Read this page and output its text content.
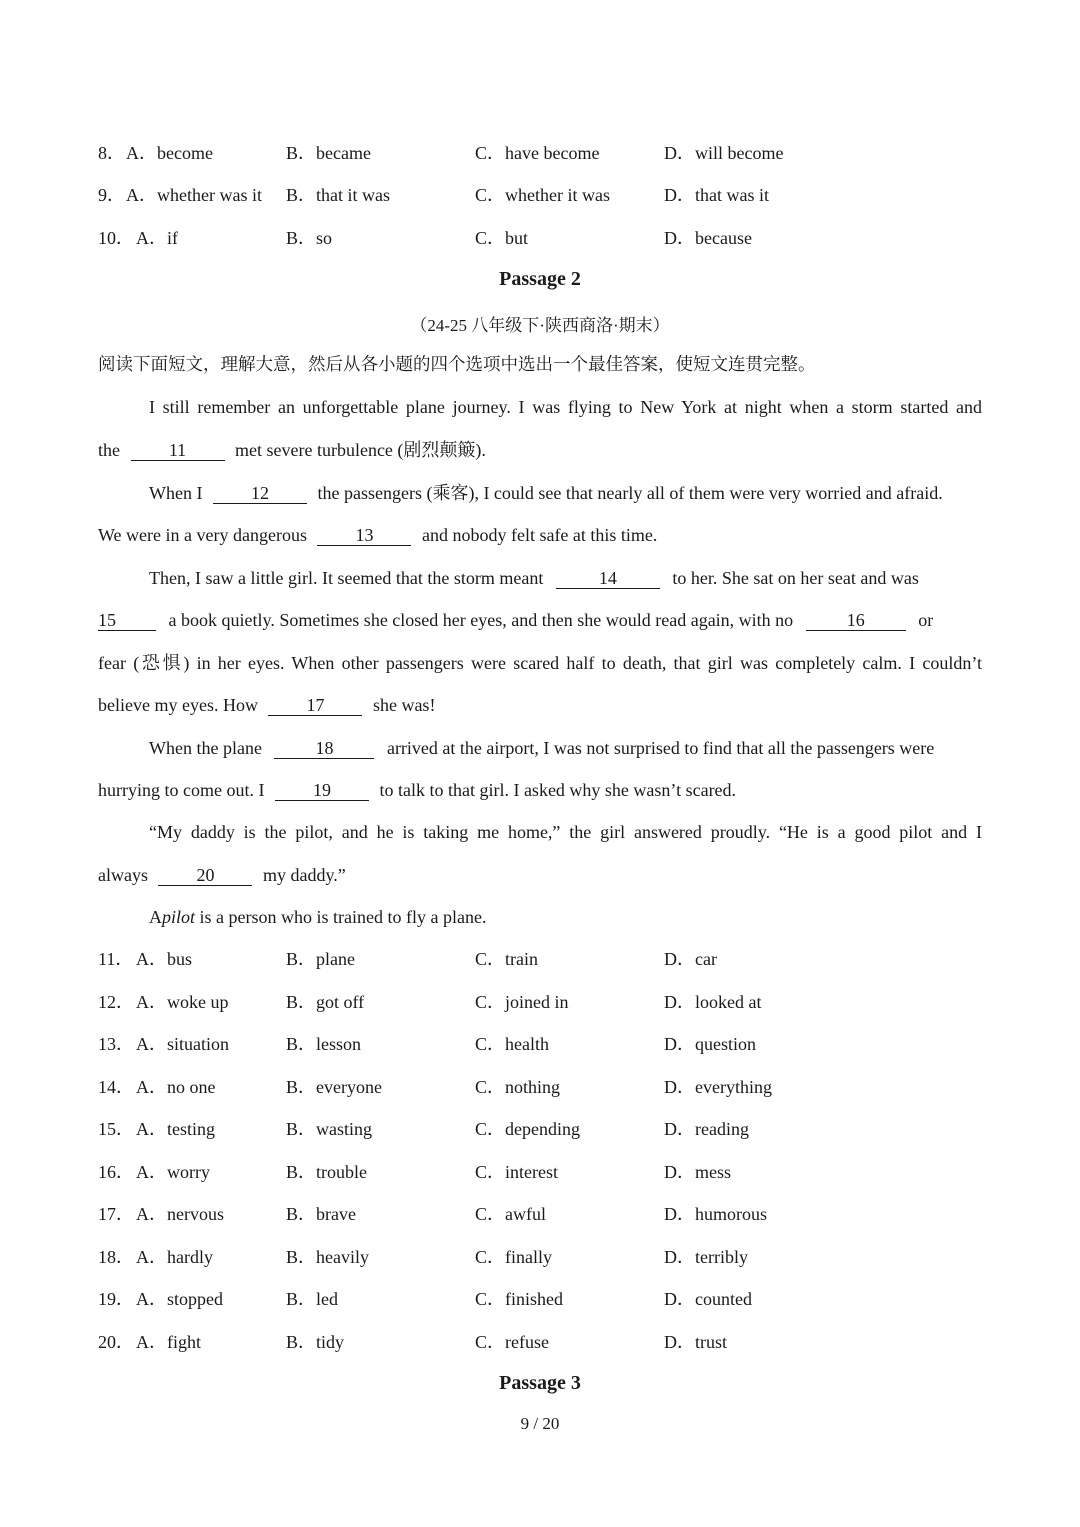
8． A．become	B．became	C．have become	D．will become
9． A．whether was it B．that it was	C．whether it was	D．that was it
10． A．if	B．so	C．but	D．because
Passage 2
（24-25 八年级下·陕西商洛·期末）
阅读下面短文，理解大意，然后从各小题的四个选项中选出一个最佳答案，使短文连贯完整。
I still remember an unforgettable plane journey. I was flying to New York at night when a storm started and
the	11	met severe turbulence (剧烈颠簸).
When I	12	the passengers (乘客), I could see that nearly all of them were very worried and afraid.
We were in a very dangerous	13	and nobody felt safe at this time.
Then, I saw a little girl. It seemed that the storm meant	14	to her. She sat on her seat and was
15	a book quietly. Sometimes she closed her eyes, and then she would read again, with no	16	or
fear (恐惧) in her eyes. When other passengers were scared half to death, that girl was completely calm. I couldn’t
believe my eyes. How	17	she was!
When the plane	18	arrived at the airport, I was not surprised to find that all the passengers were
hurrying to come out. I	19	to talk to that girl. I asked why she wasn’t scared.
“My daddy is the pilot, and he is taking me home,” the girl answered proudly. “He is a good pilot and I
always	20	my daddy.”
Apilot is a person who is trained to fly a plane.
11． A．bus	B．plane	C．train	D．car
12． A．woke up	B．got off	C．joined in	D．looked at
13． A．situation	B．lesson	C．health	D．question
14． A．no one	B．everyone	C．nothing	D．everything
15． A．testing	B．wasting	C．depending	D．reading
16． A．worry	B．trouble	C．interest	D．mess
17． A．nervous	B．brave	C．awful	D．humorous
18． A．hardly	B．heavily	C．finally	D．terribly
19． A．stopped	B．led	C．finished	D．counted
20． A．fight	B．tidy	C．refuse	D．trust
Passage 3
9 / 20
